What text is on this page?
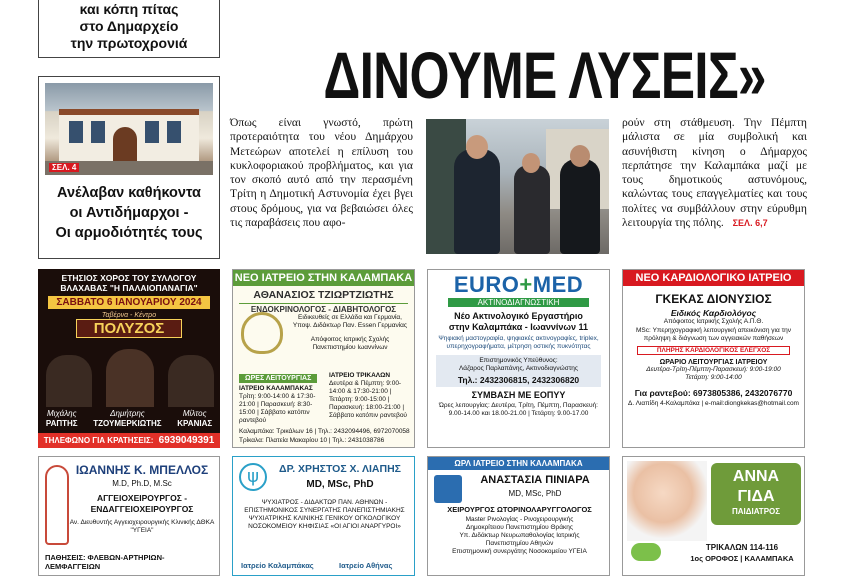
και κόπη πίτας
στο Δημαρχείο
την πρωτοχρονιά	ΔΙΝΟΥΜΕ ΛΥΣΕΙΣ»
ΣΕΛ. 4
Ανέλαβαν καθήκοντα
οι Αντιδήμαρχοι -
Οι αρμοδιότητές τους
Όπως είναι γνωστό, πρώτη προτεραιότητα του νέου Δημάρχου Μετεώρων αποτελεί η επίλυση του κυκλοφοριακού προβλήματος, και για τον σκοπό αυτό από την περασμένη Τρίτη η Δημοτική Αστυνομία έχει βγει στους δρόμους, για να βεβαιώσει όλες τις παραβάσεις που αφο-
ρούν στη στάθμευση. Την Πέμπτη μάλιστα σε μία συμβολική και ασυνήθιστη κίνηση ο Δήμαρχος περπάτησε την Καλαμπάκα μαζί με τους δημοτικούς αστυνόμους, καλώντας τους επαγγελματίες και τους πολίτες να συμβάλλουν στην εύρυθμη λειτουργία της πόλης. ΣΕΛ. 6,7
ΕΤΗΣΙΟΣ ΧΟΡΟΣ ΤΟΥ ΣΥΛΛΟΓΟΥ
ΒΛΑΧΑΒΑΣ "Η ΠΑΛΑΙΟΠΑΝΑΓΙΑ"
ΣΑΒΒΑΤΟ 6 ΙΑΝΟΥΑΡΙΟΥ 2024
Ταβέρνα - Κέντρο
ΠΟΛΥΖΟΣ
Μιχάλης
ΡΑΠΤΗΣ
Δημήτρης
ΤΖΟΥΜΕΡΚΙΩΤΗΣ
Μίλτος
ΚΡΑΝΙΑΣ
ΤΗΛΕΦΩΝΟ ΓΙΑ ΚΡΑΤΗΣΕΙΣ: 6939049391
ΝΕΟ ΙΑΤΡΕΙΟ ΣΤΗΝ ΚΑΛΑΜΠΑΚΑ
ΑΘΑΝΑΣΙΟΣ ΤΖΙΩΡΤΖΙΩΤΗΣ
ΕΝΔΟΚΡΙΝΟΛΟΓΟΣ - ΔΙΑΒΗΤΟΛΟΓΟΣ
Ειδικευθείς σε Ελλάδα και Γερμανία, Υποψ. Διδάκτωρ Παν. Essen Γερμανίας
Απόφοιτος Ιατρικής Σχολής Πανεπιστημίου Ιωαννίνων
ΩΡΕΣ ΛΕΙΤΟΥΡΓΙΑΣ
ΙΑΤΡΕΙΟ ΚΑΛΑΜΠΑΚΑΣ
Τρίτη: 9:00-14:00 & 17:30-21:00 | Παρασκευή: 8:30-15:00 | Σάββατο κατόπιν ραντεβού
ΙΑΤΡΕΙΟ ΤΡΙΚΑΛΩΝ
Δευτέρα & Πέμπτη: 9:00-14:00 & 17:30-21:00 | Τετάρτη: 9:00-15:00 | Παρασκευή: 18:00-21:00 | Σάββατο κατόπιν ραντεβού
Καλαμπάκα: Τρικάλων 16 | Τηλ.: 2432094496, 6972070058
Τρίκαλα: Πλατεία Μακαρίου 10 | Τηλ.: 2431038786
EURO+MED
ΑΚΤΙΝΟΔΙΑΓΝΩΣΤΙΚΗ
Νέο Ακτινολογικό Εργαστήριο
στην Καλαμπάκα - Ιωαννίνων 11
Ψηφιακή μαστογραφία, ψηφιακές ακτινογραφίες, triplex, υπερηχογραφήματα, μέτρηση οστικής πυκνότητας
Επιστημονικός Υπεύθυνος:
Λάζαρος Παρλαπάνης, Ακτινοδιαγνώστης
Τηλ.: 2432306815, 2432306820
ΣΥΜΒΑΣΗ ΜΕ ΕΟΠΥΥ
Ώρες λειτουργίας: Δευτέρα, Τρίτη, Πέμπτη, Παρασκευή: 9.00-14.00 και 18.00-21.00 | Τετάρτη: 9.00-17.00
ΝΕΟ ΚΑΡΔΙΟΛΟΓΙΚΟ ΙΑΤΡΕΙΟ
ΓΚΕΚΑΣ ΔΙΟΝΥΣΙΟΣ
Ειδικός Καρδιολόγος
Απόφοιτος Ιατρικής Σχολής Α.Π.Θ.
MSc: Υπερηχογραφική λειτουργική απεικόνιση για την πρόληψη & διάγνωση των αγγειακών παθήσεων
ΠΛΗΡΗΣ ΚΑΡΔΙΟΛΟΓΙΚΟΣ ΕΛΕΓΧΟΣ
ΩΡΑΡΙΟ ΛΕΙΤΟΥΡΓΙΑΣ ΙΑΤΡΕΙΟΥ
Δευτέρα-Τρίτη-Πέμπτη-Παρασκευή: 9:00-19:00
Τετάρτη: 9:00-14:00
Για ραντεβού: 6973805386, 2432076770
Δ. Λιαπίδη 4-Καλαμπάκα | e-mail:diongkekas@hotmail.com
ΙΩΑΝΝΗΣ Κ. ΜΠΕΛΛΟΣ
M.D, Ph.D, M.Sc
ΑΓΓΕΙΟΧΕΙΡΟΥΡΓΟΣ -
ΕΝΔΑΓΓΕΙΟΧΕΙΡΟΥΡΓΟΣ
Αν. Διευθυντής Αγγειοχειρουργικής Κλινικής ΔΘΚΑ "ΥΓΕΙΑ"
ΠΑΘΗΣΕΙΣ: ΦΛΕΒΩΝ-ΑΡΤΗΡΙΩΝ-ΛΕΜΦΑΓΓΕΙΩΝ
ψ	ΔΡ. ΧΡΗΣΤΟΣ Χ. ΛΙΑΠΗΣ
MD, MSc, PhD
ΨΥΧΙΑΤΡΟΣ - ΔΙΔΑΚΤΩΡ ΠΑΝ. ΑΘΗΝΩΝ - ΕΠΙΣΤΗΜΟΝΙΚΟΣ ΣΥΝΕΡΓΑΤΗΣ ΠΑΝΕΠΙΣΤΗΜΙΑΚΗΣ ΨΥΧΙΑΤΡΙΚΗΣ ΚΛΙΝΙΚΗΣ ΓΕΝΙΚΟΥ ΟΓΚΟΛΟΓΙΚΟΥ ΝΟΣΟΚΟΜΕΙΟΥ ΚΗΦΙΣΙΑΣ «ΟΙ ΑΓΙΟΙ ΑΝΑΡΓΥΡΟΙ»
Ιατρείο Καλαμπάκας	Ιατρείο Αθήνας
ΩΡΛ ΙΑΤΡΕΙΟ ΣΤΗΝ ΚΑΛΑΜΠΑΚΑ
ΑΝΑΣΤΑΣΙΑ ΠΙΝΙΑΡΑ
MD, MSc, PhD
ΧΕΙΡΟΥΡΓΟΣ ΩΤΟΡΙΝΟΛΑΡΥΓΓΟΛΟΓΟΣ
Master Ρινολογίας - Ρινοχειρουργικής
Δημοκρίτειου Πανεπιστημίου Θράκης
Υπ. Διδάκτωρ Νευρωπαθολογίας Ιατρικής
Πανεπιστημίου Αθηνών
Επιστημονική συνεργάτης Νοσοκομείου ΥΓΕΙΑ
ΑΝΝΑ
ΓΙΔΑ
ΠΑΙΔΙΑΤΡΟΣ
ΤΡΙΚΑΛΩΝ 114-116
1ος ΟΡΟΦΟΣ | ΚΑΛΑΜΠΑΚΑ
